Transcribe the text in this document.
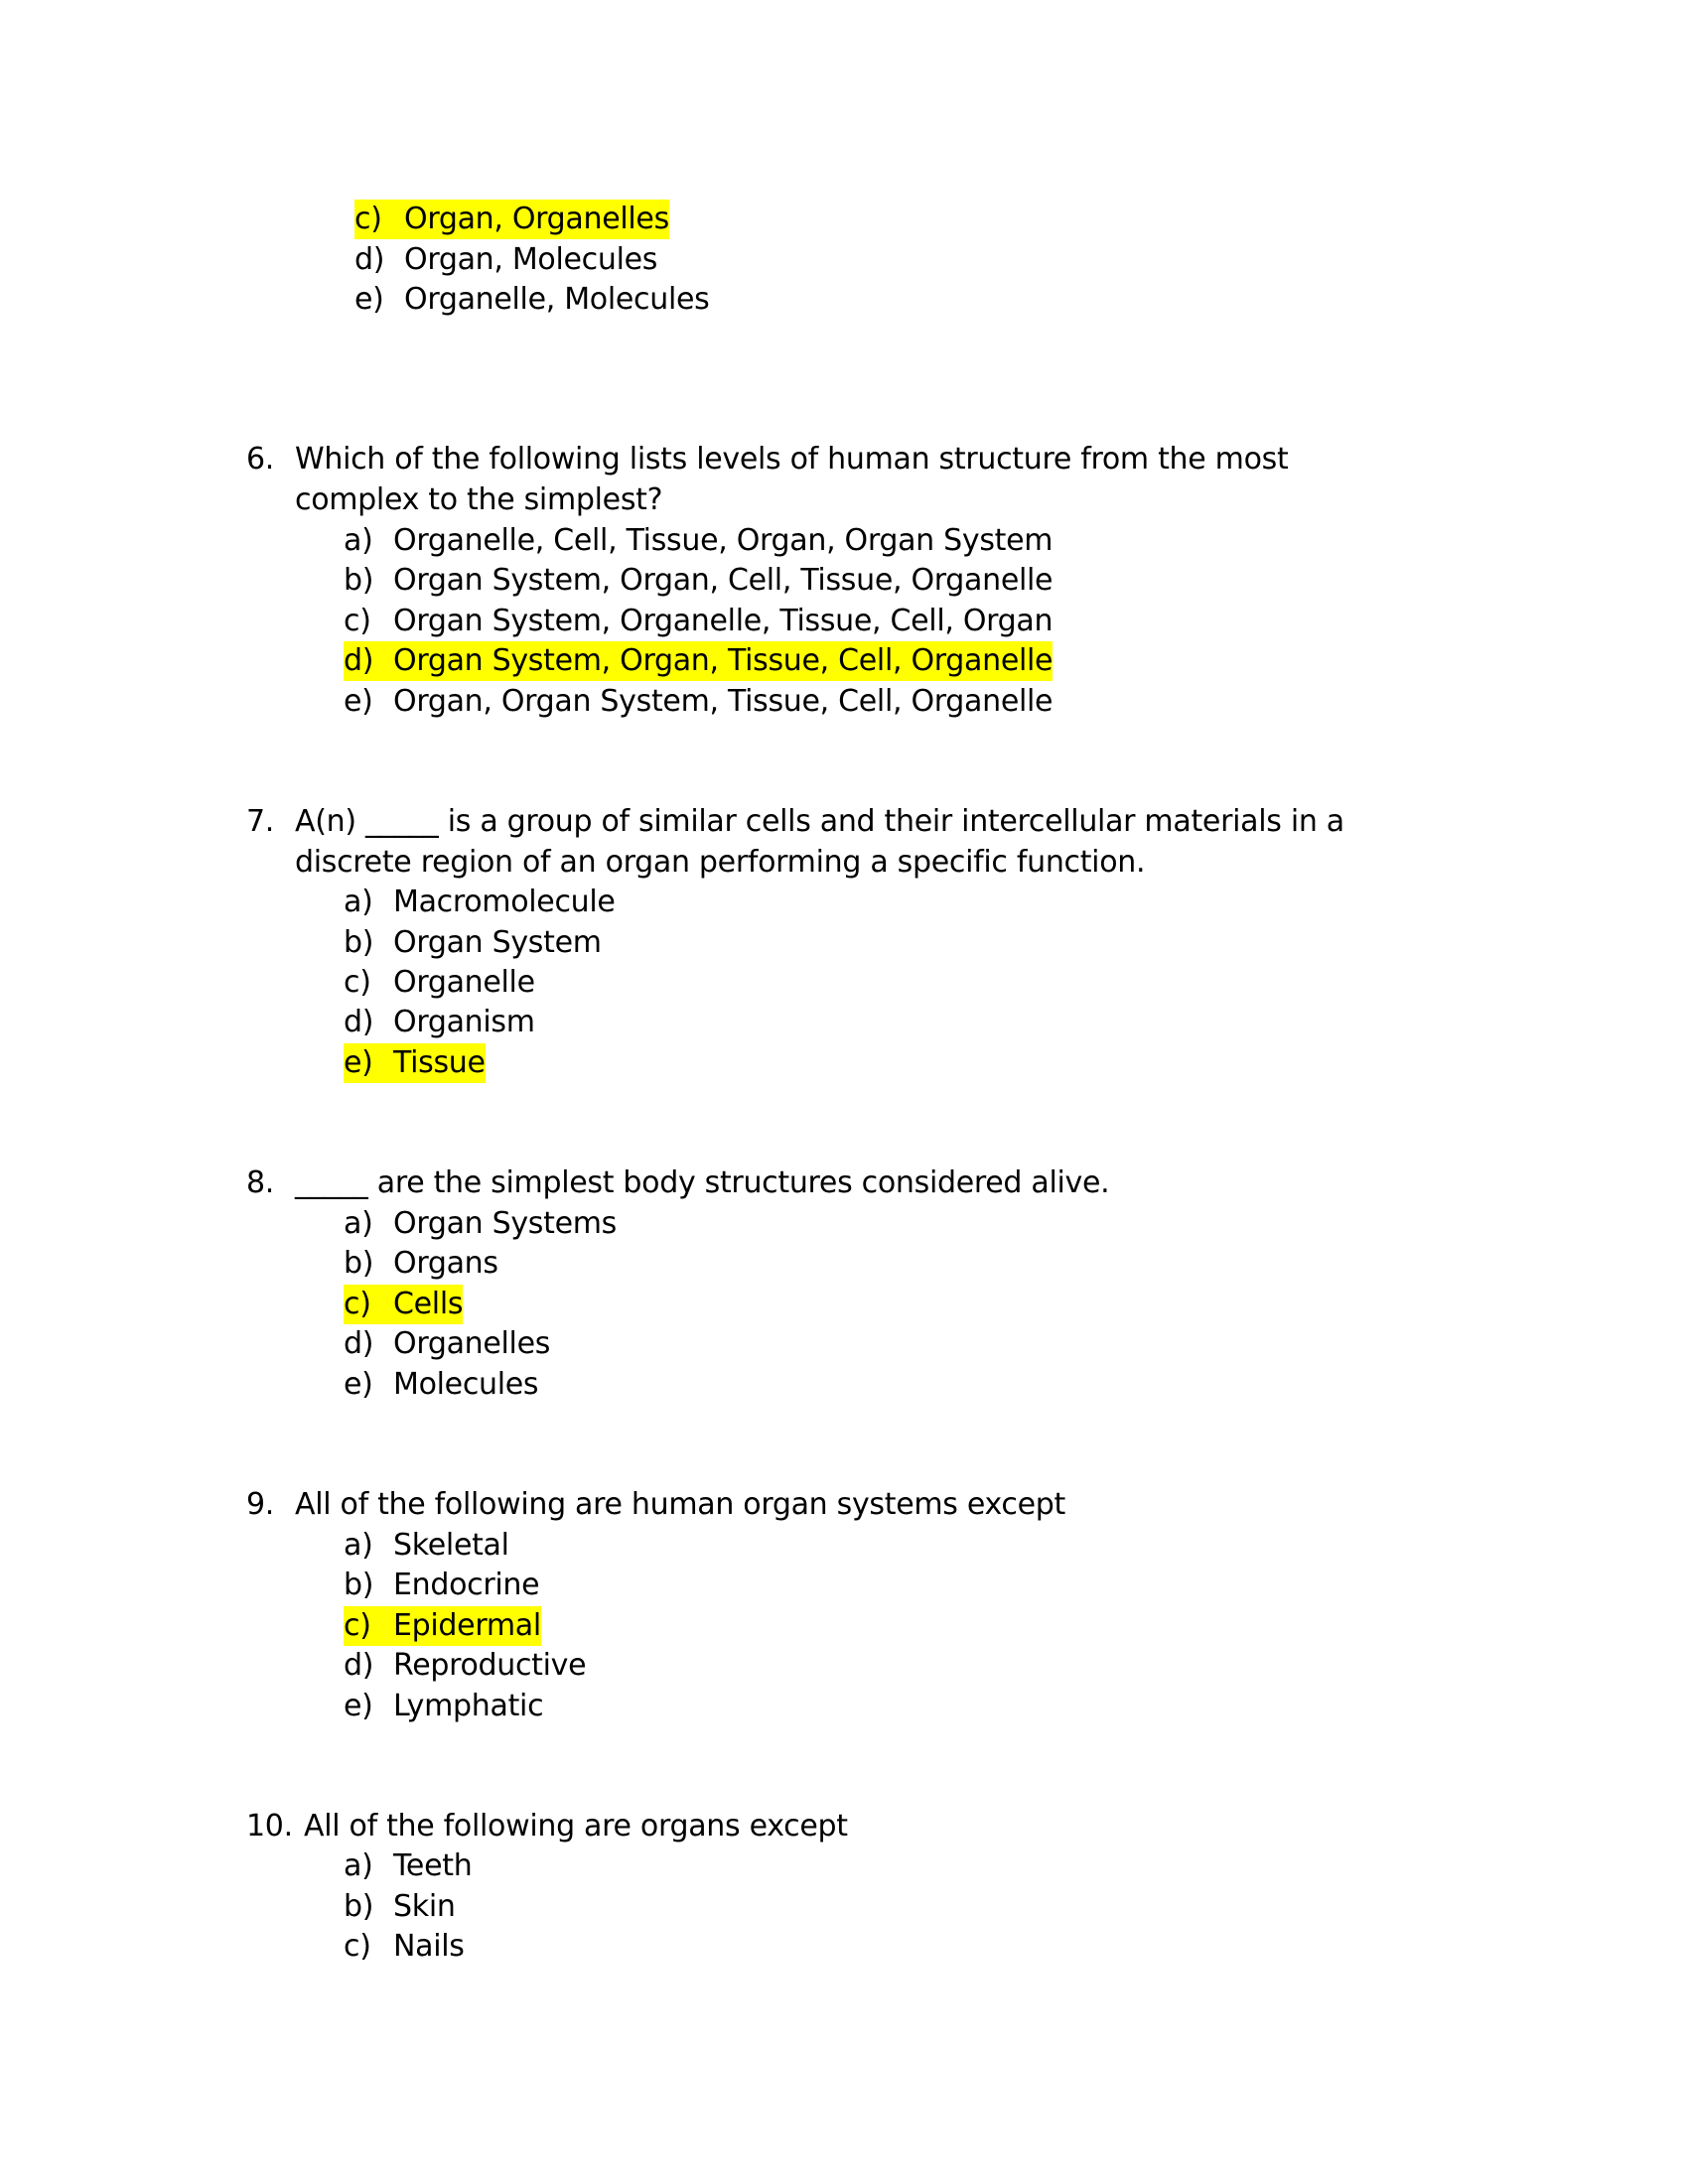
c) Organ, Organelles
d) Organ, Molecules
e) Organelle, Molecules
6. Which of the following lists levels of human structure from the most
complex to the simplest?
a) Organelle, Cell, Tissue, Organ, Organ System
b) Organ System, Organ, Cell, Tissue, Organelle
c) Organ System, Organelle, Tissue, Cell, Organ
d) Organ System, Organ, Tissue, Cell, Organelle
e) Organ, Organ System, Tissue, Cell, Organelle
7. A(n) _____ is a group of similar cells and their intercellular materials in a
discrete region of an organ performing a specific function.
a) Macromolecule
b) Organ System
c) Organelle
d) Organism
e) Tissue
8. _____ are the simplest body structures considered alive.
a) Organ Systems
b) Organs
c) Cells
d) Organelles
e) Molecules
9. All of the following are human organ systems except
a) Skeletal
b) Endocrine
c) Epidermal
d) Reproductive
e) Lymphatic
10. All of the following are organs except
a) Teeth
b) Skin
c) Nails
